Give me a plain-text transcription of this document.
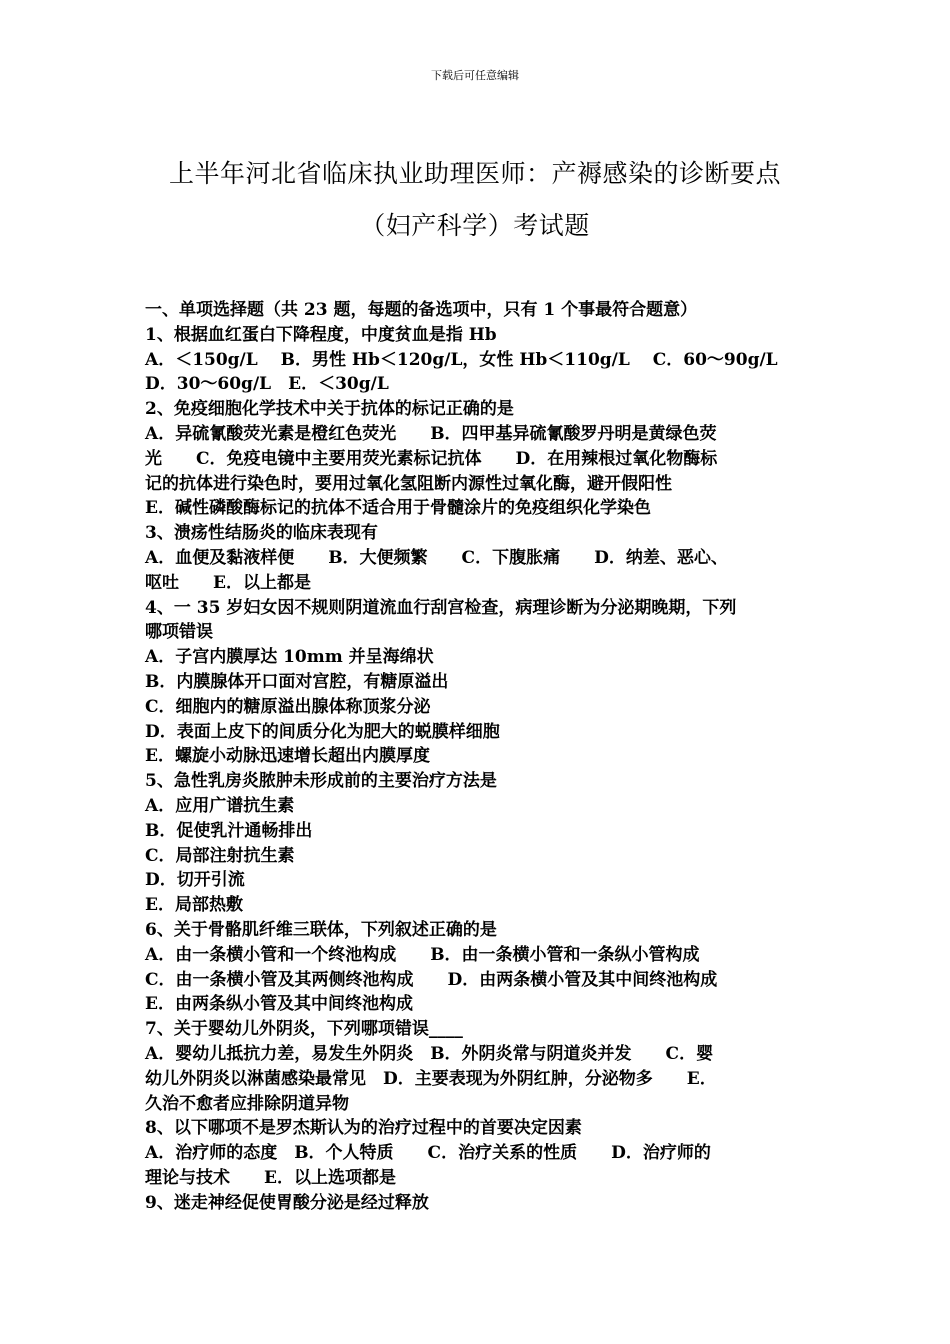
下载后可任意编辑
上半年河北省临床执业助理医师：产褥感染的诊断要点
（妇产科学）考试题
一、单项选择题（共 23 题，每题的备选项中，只有 1 个事最符合题意）
1、根据血红蛋白下降程度，中度贫血是指 Hb
A．＜150g/L　 B．男性 Hb＜120g/L，女性 Hb＜110g/L　 C．60～90g/L
D．30～60g/L　E．＜30g/L
2、免疫细胞化学技术中关于抗体的标记正确的是
A．异硫氰酸荧光素是橙红色荧光　　B．四甲基异硫氰酸罗丹明是黄绿色荧
光　　C．免疫电镜中主要用荧光素标记抗体　　D．在用辣根过氧化物酶标
记的抗体进行染色时，要用过氧化氢阻断内源性过氧化酶，避开假阳性
E．碱性磷酸酶标记的抗体不适合用于骨髓涂片的免疫组织化学染色
3、溃疡性结肠炎的临床表现有
A．血便及黏液样便　　B．大便频繁　　C．下腹胀痛　　D．纳差、恶心、
呕吐　　E．以上都是
4、一 35 岁妇女因不规则阴道流血行刮宫检查，病理诊断为分泌期晚期，下列
哪项错误
A．子宫内膜厚达 10mm 并呈海绵状
B．内膜腺体开口面对宫腔，有糖原溢出
C．细胞内的糖原溢出腺体称顶浆分泌
D．表面上皮下的间质分化为肥大的蜕膜样细胞
E．螺旋小动脉迅速增长超出内膜厚度
5、急性乳房炎脓肿未形成前的主要治疗方法是
A．应用广谱抗生素
B．促使乳汁通畅排出
C．局部注射抗生素
D．切开引流
E．局部热敷
6、关于骨骼肌纤维三联体，下列叙述正确的是
A．由一条横小管和一个终池构成　　B．由一条横小管和一条纵小管构成
C．由一条横小管及其两侧终池构成　　D．由两条横小管及其中间终池构成
E．由两条纵小管及其中间终池构成
7、关于婴幼儿外阴炎，下列哪项错误____
A．婴幼儿抵抗力差，易发生外阴炎　B．外阴炎常与阴道炎并发　　C．婴
幼儿外阴炎以淋菌感染最常见　D．主要表现为外阴红肿，分泌物多　　E．
久治不愈者应排除阴道异物
8、以下哪项不是罗杰斯认为的治疗过程中的首要决定因素
A．治疗师的态度　B．个人特质　　C．治疗关系的性质　　D．治疗师的
理论与技术　　E．以上选项都是
9、迷走神经促使胃酸分泌是经过释放
